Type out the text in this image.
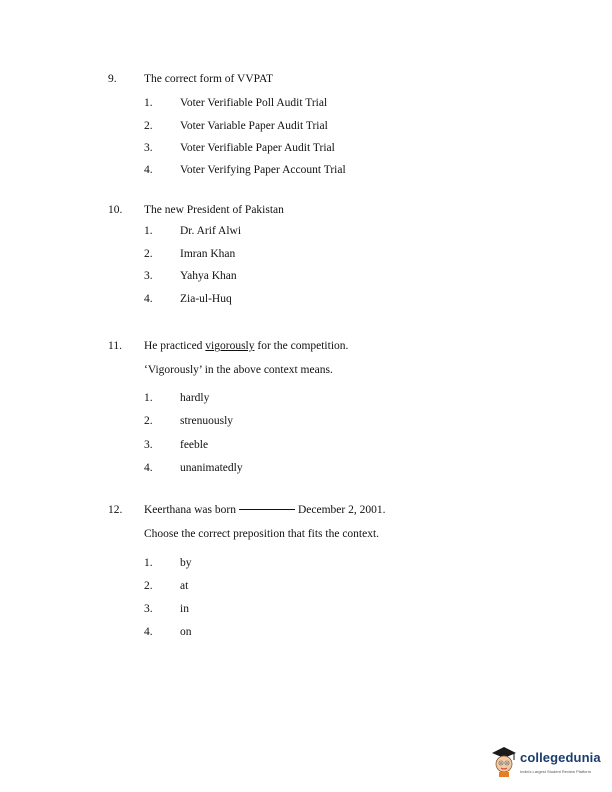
9. The correct form of VVPAT
1. Voter Verifiable Poll Audit Trial
2. Voter Variable Paper Audit Trial
3. Voter Verifiable Paper Audit Trial
4. Voter Verifying Paper Account Trial
10. The new President of Pakistan
1. Dr. Arif Alwi
2. Imran Khan
3. Yahya Khan
4. Zia-ul-Huq
11. He practiced vigorously for the competition.
‘Vigorously’ in the above context means.
1. hardly
2. strenuously
3. feeble
4. unanimatedly
12. Keerthana was born	December 2, 2001.
Choose the correct preposition that fits the context.
1. by
2. at
3. in
4. on
collegedunia
India's Largest Student Review Platform
